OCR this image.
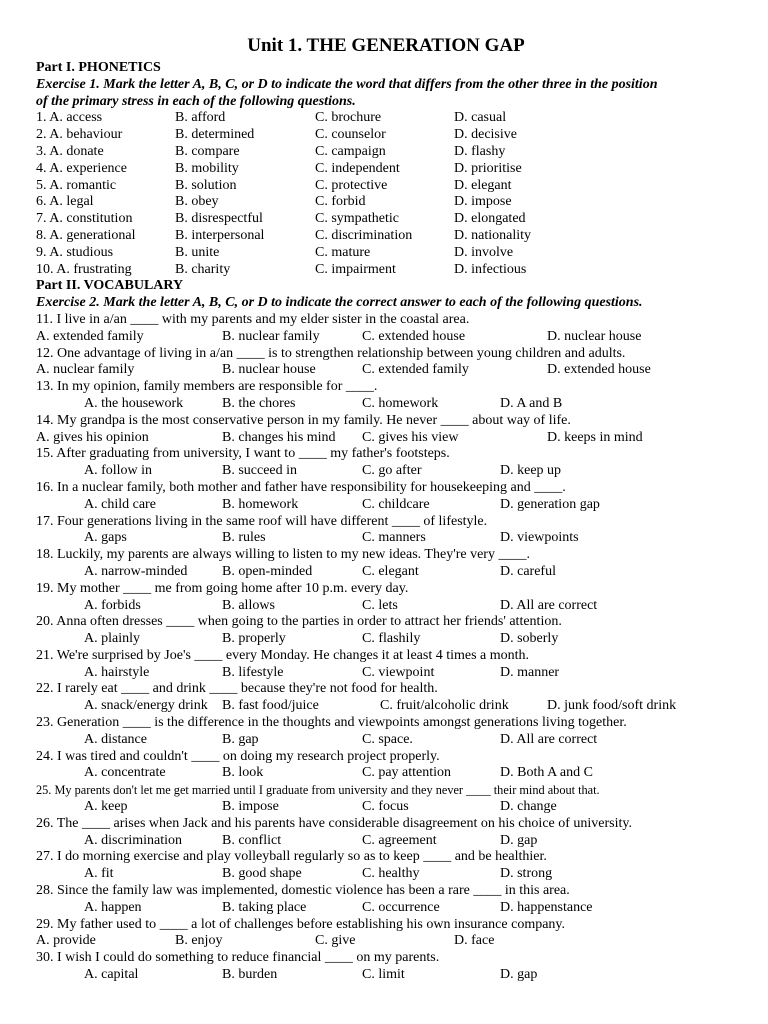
Unit 1. THE GENERATION GAP
Part I. PHONETICS
Exercise 1. Mark the letter A, B, C, or D to indicate the word that differs from the other three in the position
of the primary stress in each of the following questions.
1. A. access	B. afford	C. brochure	D. casual
2. A. behaviour	B. determined	C. counselor	D. decisive
3. A. donate	B. compare	C. campaign	D. flashy
4. A. experience	B. mobility	C. independent	D. prioritise
5. A. romantic	B. solution	C. protective	D. elegant
6. A. legal	B. obey	C. forbid	D. impose
7. A. constitution	B. disrespectful	C. sympathetic	D. elongated
8. A. generational	B. interpersonal	C. discrimination	D. nationality
9. A. studious	B. unite	C. mature	D. involve
10. A. frustrating	B. charity	C. impairment	D. infectious
Part II. VOCABULARY
Exercise 2. Mark the letter A, B, C, or D to indicate the correct answer to each of the following questions.
11. I live in a/an ____ with my parents and my elder sister in the coastal area.
A. extended family	B. nuclear family	C. extended house	D. nuclear house
12. One advantage of living in a/an ____ is to strengthen relationship between young children and adults.
A. nuclear family	B. nuclear house	C. extended family	D. extended house
13. In my opinion, family members are responsible for ____.
A. the housework	B. the chores	C. homework	D. A and B
14. My grandpa is the most conservative person in my family. He never ____ about way of life.
A. gives his opinion	B. changes his mind C. gives his view	D. keeps in mind
15. After graduating from university, I want to ____ my father's footsteps.
A. follow in	B. succeed in	C. go after	D. keep up
16. In a nuclear family, both mother and father have responsibility for housekeeping and ____.
A. child care	B. homework	C. childcare	D. generation gap
17. Four generations living in the same roof will have different ____ of lifestyle.
A. gaps	B. rules	C. manners	D. viewpoints
18. Luckily, my parents are always willing to listen to my new ideas. They're very ____.
A. narrow-minded B. open-minded	C. elegant	D. careful
19. My mother ____ me from going home after 10 p.m. every day.
A. forbids	B. allows	C. lets	D. All are correct
20. Anna often dresses ____ when going to the parties in order to attract her friends' attention.
A. plainly	B. properly	C. flashily	D. soberly
21. We're surprised by Joe's ____ every Monday. He changes it at least 4 times a month.
A. hairstyle	B. lifestyle	C. viewpoint	D. manner
22. I rarely eat ____ and drink ____ because they're not food for health.
A. snack/energy drink B. fast food/juice	C. fruit/alcoholic drink	D. junk food/soft drink
23. Generation ____ is the difference in the thoughts and viewpoints amongst generations living together.
A. distance	B. gap	C. space.	D. All are correct
24. I was tired and couldn't ____ on doing my research project properly.
A. concentrate	B. look	C. pay attention	D. Both A and C
25. My parents don't let me get married until I graduate from university and they never ____ their mind about that.
A. keep	B. impose	C. focus	D. change
26. The ____ arises when Jack and his parents have considerable disagreement on his choice of university.
A. discrimination	B. conflict	C. agreement	D. gap
27. I do morning exercise and play volleyball regularly so as to keep ____ and be healthier.
A. fit	B. good shape	C. healthy	D. strong
28. Since the family law was implemented, domestic violence has been a rare ____ in this area.
A. happen	B. taking place	C. occurrence	D. happenstance
29. My father used to ____ a lot of challenges before establishing his own insurance company.
A. provide	B. enjoy	C. give	D. face
30. I wish I could do something to reduce financial ____ on my parents.
A. capital	B. burden	C. limit	D. gap
